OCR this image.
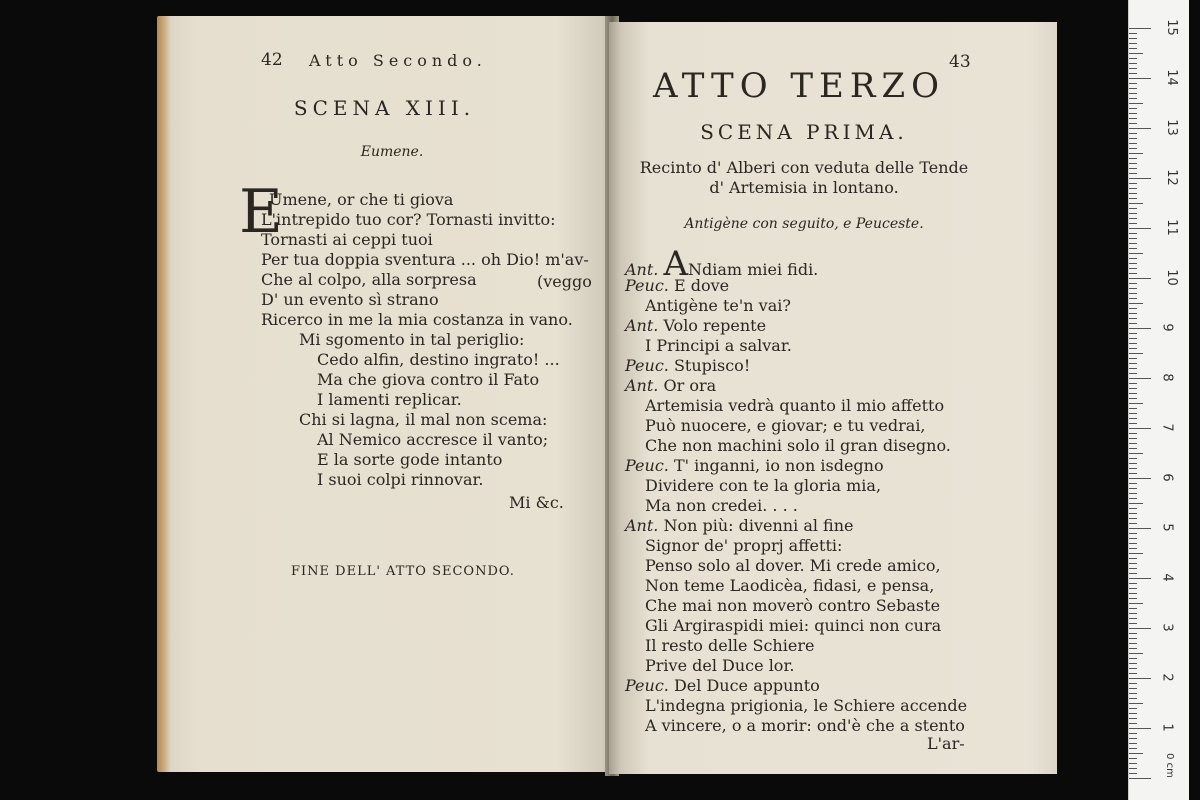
42 Atto Secondo.
SCENA XIII.
Eumene.
E
Umene, or che ti giova
L'intrepido tuo cor? Tornasti invitto:
Tornasti ai ceppi tuoi
Per tua doppia sventura ... oh Dio! m'av-
Che al colpo, alla sorpresa	(veggo
D' un evento sì strano
Ricerco in me la mia costanza in vano.
Mi sgomento in tal periglio:
Cedo alfin, destino ingrato! ...
Ma che giova contro il Fato
I lamenti replicar.
Chi si lagna, il mal non scema:
Al Nemico accresce il vanto;
E la sorte gode intanto
I suoi colpi rinnovar.
Mi &c.
FINE DELL' ATTO SECONDO.
43
ATTO TERZO
SCENA PRIMA.
Recinto d' Alberi con veduta delle Tende
d' Artemisia in lontano.
Antigène con seguito, e Peuceste.
Ant. ANdiam miei fidi.
Peuc. E dove
Antigène te'n vai?
Ant. Volo repente
I Principi a salvar.
Peuc. Stupisco!
Ant. Or ora
Artemisia vedrà quanto il mio affetto
Può nuocere, e giovar; e tu vedrai,
Che non machini solo il gran disegno.
Peuc. T' inganni, io non isdegno
Dividere con te la gloria mia,
Ma non credei. . . .
Ant. Non più: divenni al fine
Signor de' proprj affetti:
Penso solo al dover. Mi crede amico,
Non teme Laodicèa, fidasi, e pensa,
Che mai non moverò contro Sebaste
Gli Argiraspidi miei: quinci non cura
Il resto delle Schiere
Prive del Duce lor.
Peuc. Del Duce appunto
L'indegna prigionia, le Schiere accende
A vincere, o a morir: ond'è che a stento
L'ar-
0 cm
15
14
13
12
11
10
9
8
7
6
5
4
3
2
1
